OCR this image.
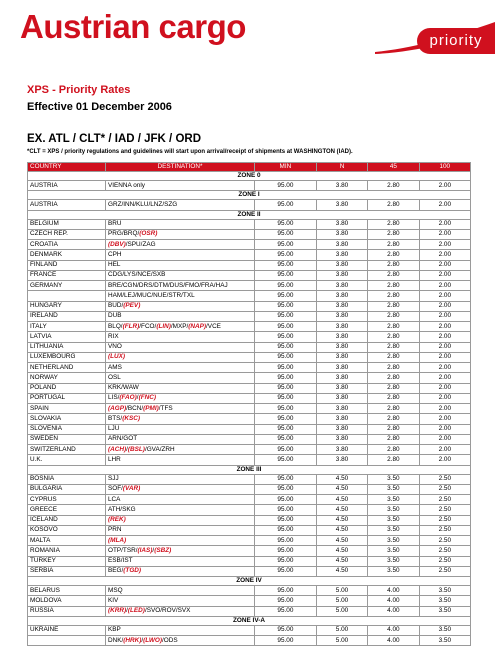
Austrian cargo	priority
XPS - Priority Rates
Effective 01 December 2006
EX. ATL / CLT* / IAD / JFK / ORD
*CLT = XPS / priority regulations and guidelines will start upon arrival/receipt of shipments at WASHINGTON (IAD).
COUNTRY	DESTINATION*	MIN	N	45	100
ZONE 0					
AUSTRIA	VIENNA only	95.00	3.80	2.80	2.00
ZONE I					
AUSTRIA	GRZ/INN/KLU/LNZ/SZG	95.00	3.80	2.80	2.00
ZONE II					
BELGIUM	BRU	95.00	3.80	2.80	2.00
CZECH REP.	PRG/BRQ/(OSR)	95.00	3.80	2.80	2.00
CROATIA	(DBV)/SPU/ZAG	95.00	3.80	2.80	2.00
DENMARK	CPH	95.00	3.80	2.80	2.00
FINLAND	HEL	95.00	3.80	2.80	2.00
FRANCE	CDG/LYS/NCE/SXB	95.00	3.80	2.80	2.00
GERMANY	BRE/CGN/DRS/DTM/DUS/FMO/FRA/HAJ	95.00	3.80	2.80	2.00
	HAM/LEJ/MUC/NUE/STR/TXL	95.00	3.80	2.80	2.00
HUNGARY	BUD/(PEV)	95.00	3.80	2.80	2.00
IRELAND	DUB	95.00	3.80	2.80	2.00
ITALY	BLQ/(FLR)/FCO/(LIN)/MXP/(NAP)/VCE	95.00	3.80	2.80	2.00
LATVIA	RIX	95.00	3.80	2.80	2.00
LITHUANIA	VNO	95.00	3.80	2.80	2.00
LUXEMBOURG	(LUX)	95.00	3.80	2.80	2.00
NETHERLAND	AMS	95.00	3.80	2.80	2.00
NORWAY	OSL	95.00	3.80	2.80	2.00
POLAND	KRK/WAW	95.00	3.80	2.80	2.00
PORTUGAL	LIS/(FAO)/(FNC)	95.00	3.80	2.80	2.00
SPAIN	(AGP)/BCN/(PMI)/TFS	95.00	3.80	2.80	2.00
SLOVAKIA	BTS/(KSC)	95.00	3.80	2.80	2.00
SLOVENIA	LJU	95.00	3.80	2.80	2.00
SWEDEN	ARN/GOT	95.00	3.80	2.80	2.00
SWITZERLAND	(ACH)/(BSL)/GVA/ZRH	95.00	3.80	2.80	2.00
U.K.	LHR	95.00	3.80	2.80	2.00
ZONE III					
BOSNIA	SJJ	95.00	4.50	3.50	2.50
BULGARIA	SOF/(VAR)	95.00	4.50	3.50	2.50
CYPRUS	LCA	95.00	4.50	3.50	2.50
GREECE	ATH/SKG	95.00	4.50	3.50	2.50
ICELAND	(REK)	95.00	4.50	3.50	2.50
KOSOVO	PRN	95.00	4.50	3.50	2.50
MALTA	(MLA)	95.00	4.50	3.50	2.50
ROMANIA	OTP/TSR/(IAS)/(SBZ)	95.00	4.50	3.50	2.50
TURKEY	ESB/IST	95.00	4.50	3.50	2.50
SERBIA	BEG/(TGD)	95.00	4.50	3.50	2.50
ZONE IV					
BELARUS	MSQ	95.00	5.00	4.00	3.50
MOLDOVA	KIV	95.00	5.00	4.00	3.50
RUSSIA	(KRR)/(LED)/SVO/ROV/SVX	95.00	5.00	4.00	3.50
ZONE IV-A					
UKRAINE	KBP	95.00	5.00	4.00	3.50
	DNK/(HRK)/(LWO)/ODS	95.00	5.00	4.00	3.50
